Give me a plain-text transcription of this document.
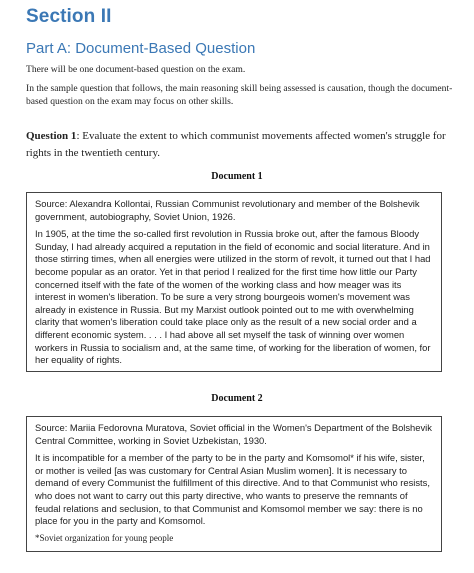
Section II
Part A: Document-Based Question

There will be one document-based question on the exam.

In the sample question that follows, the main reasoning skill being assessed is causation, though the document-based question on the exam may focus on other skills.

Question 1: Evaluate the extent to which communist movements affected women's struggle for rights in the twentieth century.

Document 1

Source: Alexandra Kollontai, Russian Communist revolutionary and member of the Bolshevik government, autobiography, Soviet Union, 1926.

In 1905, at the time the so-called first revolution in Russia broke out, after the famous Bloody Sunday, I had already acquired a reputation in the field of economic and social literature. And in those stirring times, when all energies were utilized in the storm of revolt, it turned out that I had become popular as an orator. Yet in that period I realized for the first time how little our Party concerned itself with the fate of the women of the working class and how meager was its interest in women's liberation. To be sure a very strong bourgeois women's movement was already in existence in Russia. But my Marxist outlook pointed out to me with overwhelming clarity that women's liberation could take place only as the result of a new social order and a different economic system. . . . I had above all set myself the task of winning over women workers in Russia to socialism and, at the same time, of working for the liberation of women, for her equality of rights.

Document 2

Source: Mariia Fedorovna Muratova, Soviet official in the Women's Department of the Bolshevik Central Committee, working in Soviet Uzbekistan, 1930.

It is incompatible for a member of the party to be in the party and Komsomol* if his wife, sister, or mother is veiled [as was customary for Central Asian Muslim women]. It is necessary to demand of every Communist the fulfillment of this directive. And to that Communist who resists, who does not want to carry out this party directive, who wants to preserve the remnants of feudal relations and seclusion, to that Communist and Komsomol member we say: there is no place for you in the party and Komsomol.

*Soviet organization for young people
